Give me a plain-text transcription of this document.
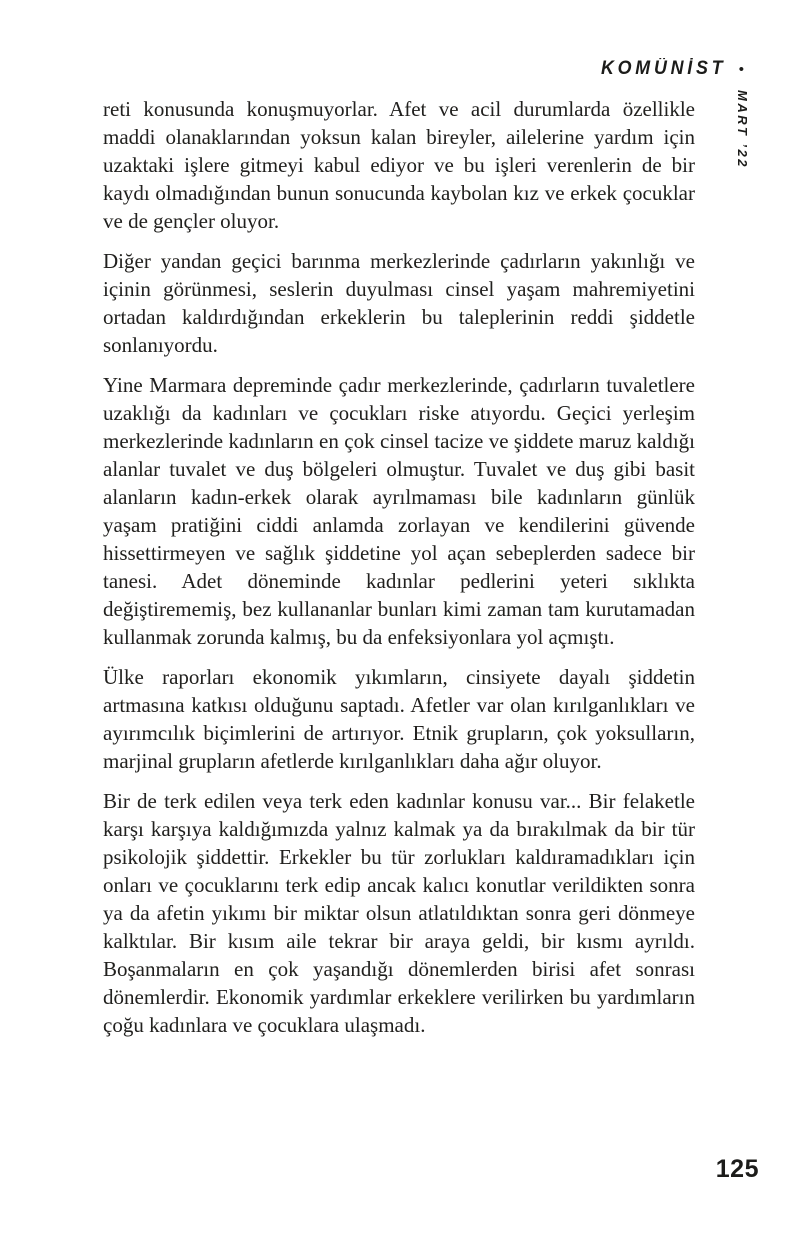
KOMÜNİST •
MART ’22

reti konusunda konuşmuyorlar. Afet ve acil durumlarda özellikle maddi olanaklarından yoksun kalan bireyler, ailelerine yardım için uzaktaki işlere gitmeyi kabul ediyor ve bu işleri verenlerin de bir kaydı olmadığından bunun sonucunda kaybolan kız ve erkek çocuklar ve de gençler oluyor.

Diğer yandan geçici barınma merkezlerinde çadırların yakınlığı ve içinin görünmesi, seslerin duyulması cinsel yaşam mahremiyetini ortadan kaldırdığından erkeklerin bu taleplerinin reddi şiddetle sonlanıyordu.

Yine Marmara depreminde çadır merkezlerinde, çadırların tuvaletlere uzaklığı da kadınları ve çocukları riske atıyordu. Geçici yerleşim merkezlerinde kadınların en çok cinsel tacize ve şiddete maruz kaldığı alanlar tuvalet ve duş bölgeleri olmuştur. Tuvalet ve duş gibi basit alanların kadın-erkek olarak ayrılmaması bile kadınların günlük yaşam pratiğini ciddi anlamda zorlayan ve kendilerini güvende hissettirmeyen ve sağlık şiddetine yol açan sebeplerden sadece bir tanesi. Adet döneminde kadınlar pedlerini yeteri sıklıkta değiştirememiş, bez kullananlar bunları kimi zaman tam kurutamadan kullanmak zorunda kalmış, bu da enfeksiyonlara yol açmıştı.

Ülke raporları ekonomik yıkımların, cinsiyete dayalı şiddetin artmasına katkısı olduğunu saptadı. Afetler var olan kırılganlıkları ve ayırımcılık biçimlerini de artırıyor. Etnik grupların, çok yoksulların, marjinal grupların afetlerde kırılganlıkları daha ağır oluyor.

Bir de terk edilen veya terk eden kadınlar konusu var... Bir felaketle karşı karşıya kaldığımızda yalnız kalmak ya da bırakılmak da bir tür psikolojik şiddettir. Erkekler bu tür zorlukları kaldıramadıkları için onları ve çocuklarını terk edip ancak kalıcı konutlar verildikten sonra ya da afetin yıkımı bir miktar olsun atlatıldıktan sonra geri dönmeye kalktılar. Bir kısım aile tekrar bir araya geldi, bir kısmı ayrıldı. Boşanmaların en çok yaşandığı dönemlerden birisi afet sonrası dönemlerdir. Ekonomik yardımlar erkeklere verilirken bu yardımların çoğu kadınlara ve çocuklara ulaşmadı.

125
